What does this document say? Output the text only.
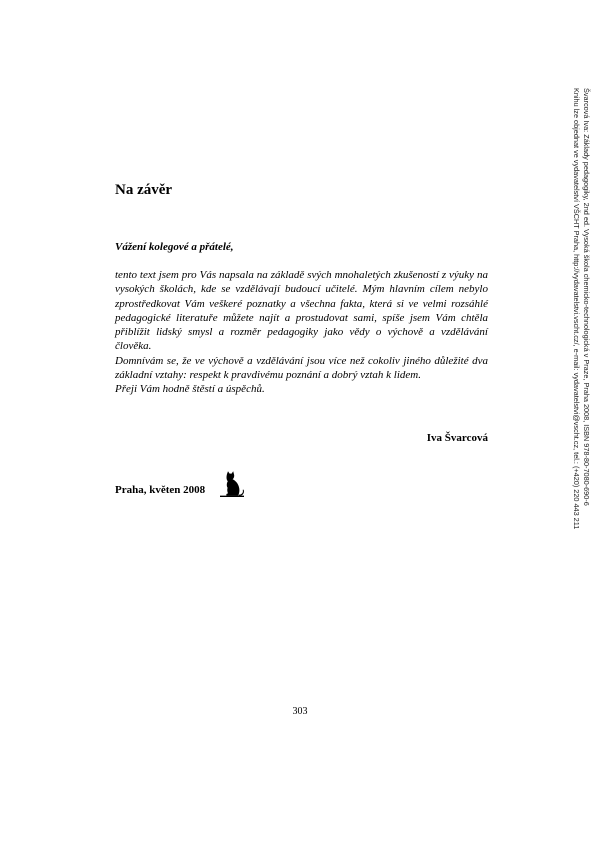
Na závěr

Vážení kolegové a přátelé,

tento text jsem pro Vás napsala na základě svých mnohaletých zkušeností z výuky na vysokých školách, kde se vzdělávají budoucí učitelé. Mým hlavním cílem nebylo zprostředkovat Vám veškeré poznatky a všechna fakta, která si ve velmi rozsáhlé pedagogické literatuře můžete najít a prostudovat sami, spíše jsem Vám chtěla přiblížit lidský smysl a rozměr pedagogiky jako vědy o výchově a vzdělávání člověka.

Domnívám se, že ve výchově a vzdělávání jsou více než cokoliv jiného důležité dva základní vztahy: respekt k pravdivému poznání a dobrý vztah k lidem.

Přeji Vám hodně štěstí a úspěchů.

Iva Švarcová

Praha, květen 2008

303
Švarcová Iva: Základy pedagogiky, 2nd ed. Vysoká škola chemicko-technologická v Praze, Praha 2008, ISBN 978-80-7080-690-6
Knihu lze objednat ve vydavatelství VŠCHT Praha, http://vydavatelstvi.vscht.cz/, e-mail: vydavatelstvi@vscht.cz, tel.: (+420) 220 443 211
